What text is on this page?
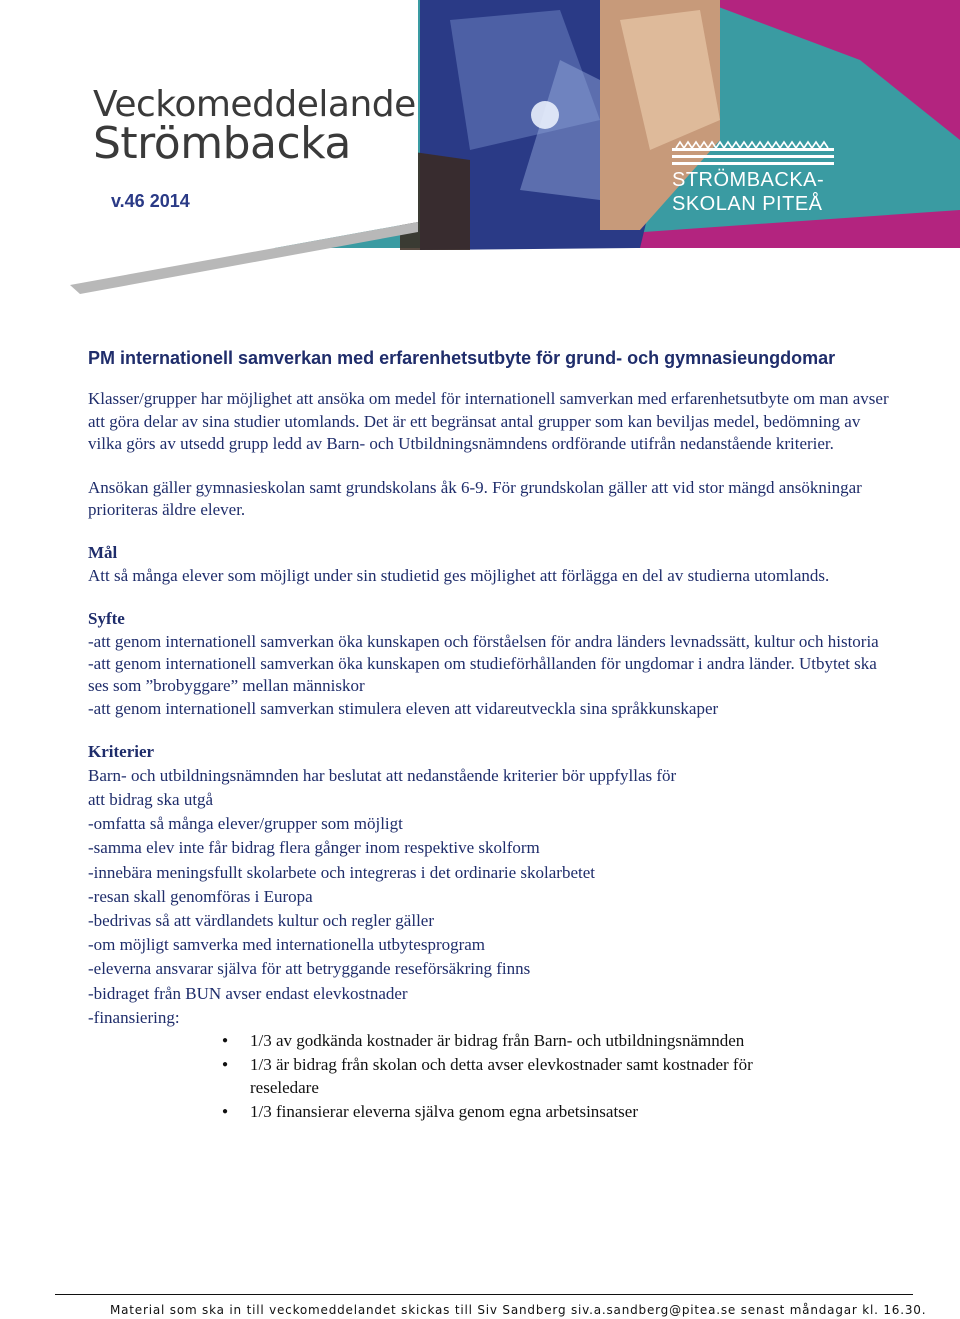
Veckomeddelande
Strömbacka
v.46 2014
STRÖMBACKA-
SKOLAN PITEÅ
PM internationell samverkan med erfarenhetsutbyte för grund- och gymnasieungdomar

Klasser/grupper har möjlighet att ansöka om medel för internationell samverkan med erfarenhetsutbyte om man avser att göra delar av sina studier utomlands. Det är ett begränsat antal grupper som kan beviljas medel, bedömning av vilka görs av utsedd grupp ledd av Barn- och Utbildningsnämndens ordförande utifrån nedanstående kriterier.

Ansökan gäller gymnasieskolan samt grundskolans åk 6-9. För grundskolan gäller att vid stor mängd ansökningar prioriteras äldre elever.

Mål

Att så många elever som möjligt under sin studietid ges möjlighet att förlägga en del av studierna utomlands.

Syfte

-att genom internationell samverkan öka kunskapen och förståelsen för andra länders levnadssätt, kultur och historia

-att genom internationell samverkan öka kunskapen om studieförhållanden för ungdomar i andra länder. Utbytet ska ses som ”brobyggare” mellan människor

-att genom internationell samverkan stimulera eleven att vidareutveckla sina språkkunskaper

Kriterier

Barn- och utbildningsnämnden har beslutat att nedanstående kriterier bör uppfyllas för

att bidrag ska utgå

-omfatta så många elever/grupper som möjligt

-samma elev inte får bidrag flera gånger inom respektive skolform

-innebära meningsfullt skolarbete och integreras i det ordinarie skolarbetet

-resan skall genomföras i Europa

-bedrivas så att värdlandets kultur och regler gäller

-om möjligt samverka med internationella utbytesprogram

-eleverna ansvarar själva för att betryggande reseförsäkring finns

-bidraget från BUN avser endast elevkostnader

-finansiering:

● 1/3 av godkända kostnader är bidrag från Barn- och utbildningsnämnden
● 1/3 är bidrag från skolan och detta avser elevkostnader samt kostnader för reseledare
● 1/3 finansierar eleverna själva genom egna arbetsinsatser
Material som ska in till veckomeddelandet skickas till Siv Sandberg siv.a.sandberg@pitea.se senast måndagar kl. 16.30.
